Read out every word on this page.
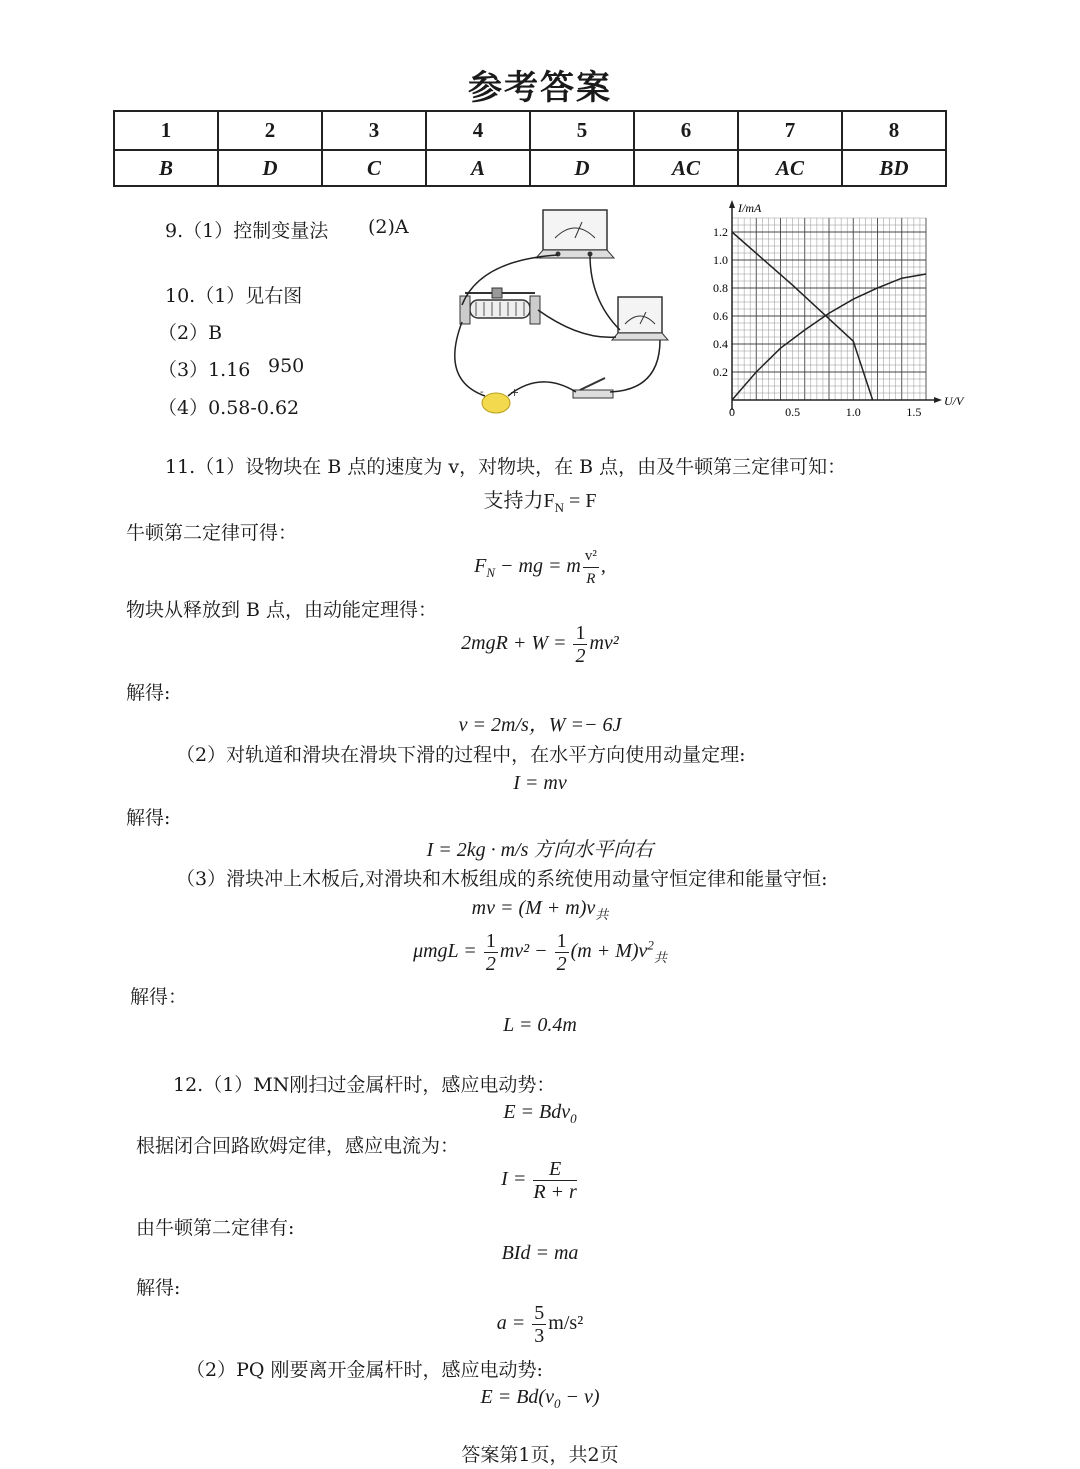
参考答案
1	2	3	4	5	6	7	8
B	D	C	A	D	AC	AC	BD
9.（1）控制变量法 (2)A
10.（1）见右图
（2）B
（3）1.16 950
（4）0.58-0.62
- +
I/mA
U/V
1.2
1.0
0.8
0.6
0.4
0.2
0	0.5	1.0	1.5
11.（1）设物块在 B 点的速度为 v，对物块，在 B 点，由及牛顿第三定律可知：
支持力$F_N = F$
牛顿第二定律可得：
$F_N$ − mg = m $\frac{\text{v²}}{R}$ ,
物块从释放到 B 点，由动能定理得：
$2mgR + W = \frac{1}{2} mv^2$
解得:
v = 2m/s，W =− 6J
（2）对轨道和滑块在滑块下滑的过程中，在水平方向使用动量定理:
I = mv
解得:
I = 2kg · m/s 方向水平向右
（3）滑块冲上木板后,对滑块和木板组成的系统使用动量守恒定律和能量守恒:
mv = $(M + m)v_共$
$\mu mgL = \frac{1}{2} mv^2 - \frac{1}{2} (m + M)v^2_共$
解得：
L = 0.4m
12.（1）MN刚扫过金属杆时，感应电动势：
E = Bdv$_0$
根据闭合回路欧姆定律，感应电流为：
$I = \frac{E}{R + r}$
由牛顿第二定律有:
BId = ma
解得:
$a = \frac{5}{3} m/s^2$
（2）PQ 刚要离开金属杆时，感应电动势:
$E = Bd(v_0 - v)$
答案第1页，共2页
